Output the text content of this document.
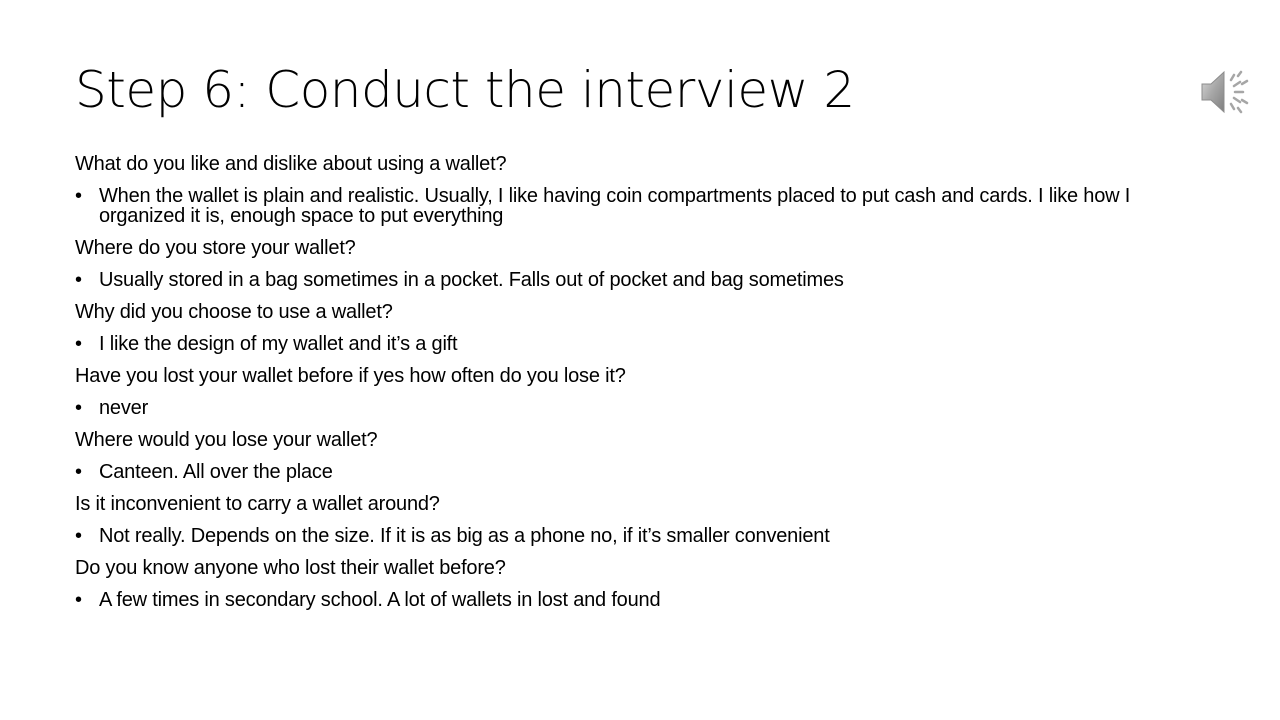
Step 6: Conduct the interview 2

What do you like and dislike about using a wallet?

• When the wallet is plain and realistic. Usually, I like having coin compartments placed to put cash and cards. I like how I organized it is, enough space to put everything

Where do you store your wallet?

• Usually stored in a bag sometimes in a pocket. Falls out of pocket and bag sometimes

Why did you choose to use a wallet?

• I like the design of my wallet and it’s a gift

Have you lost your wallet before if yes how often do you lose it?

• never

Where would you lose your wallet?

• Canteen. All over the place

Is it inconvenient to carry a wallet around?

• Not really. Depends on the size. If it is as big as a phone no, if it’s smaller convenient

Do you know anyone who lost their wallet before?

• A few times in secondary school. A lot of wallets in lost and found
